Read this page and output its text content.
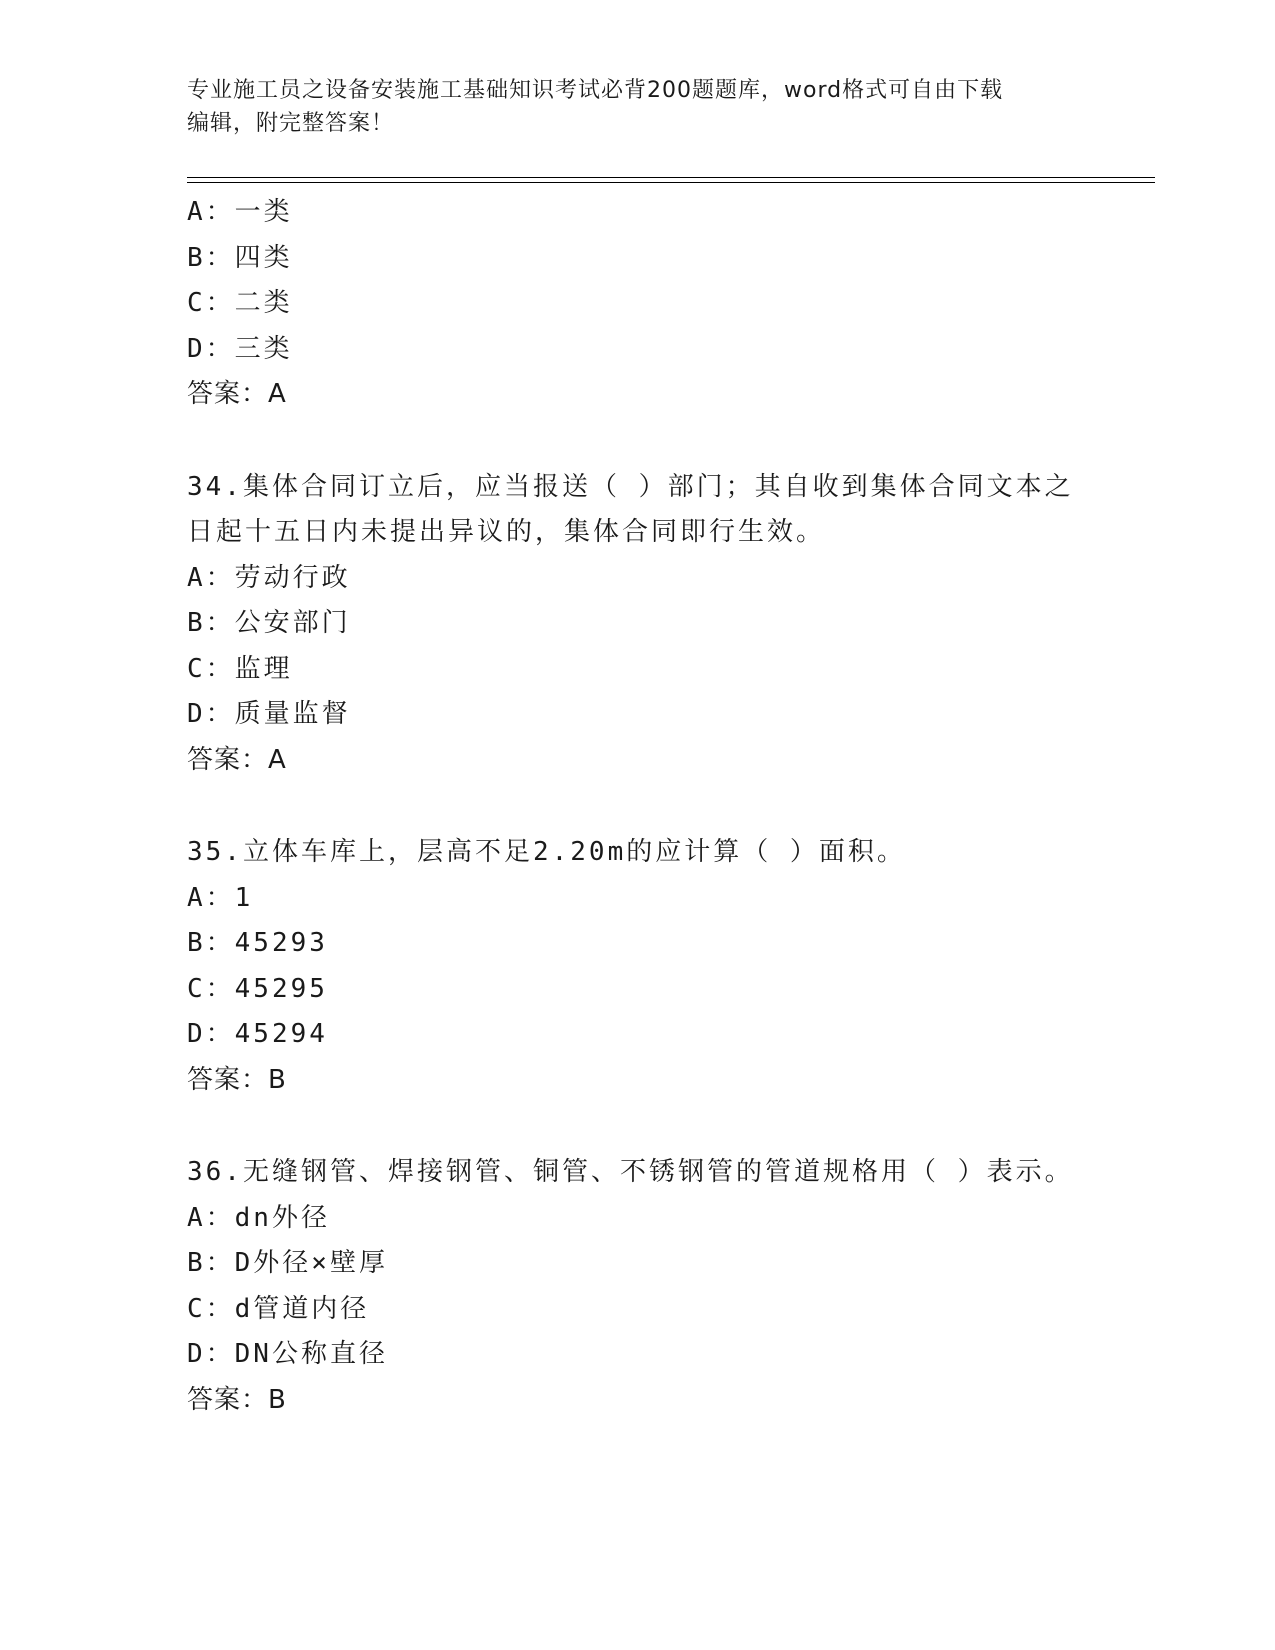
专业施工员之设备安装施工基础知识考试必背200题题库，word格式可自由下载
编辑，附完整答案！
A：一类
B：四类
C：二类
D：三类
答案：A
34.集体合同订立后，应当报送（ ）部门；其自收到集体合同文本之
日起十五日内未提出异议的，集体合同即行生效。
A：劳动行政
B：公安部门
C：监理
D：质量监督
答案：A
35.立体车库上，层高不足2.20m的应计算（ ）面积。
A：1
B：45293
C：45295
D：45294
答案：B
36.无缝钢管、焊接钢管、铜管、不锈钢管的管道规格用（ ）表示。
A：dn外径
B：D外径×壁厚
C：d管道内径
D：DN公称直径
答案：B
